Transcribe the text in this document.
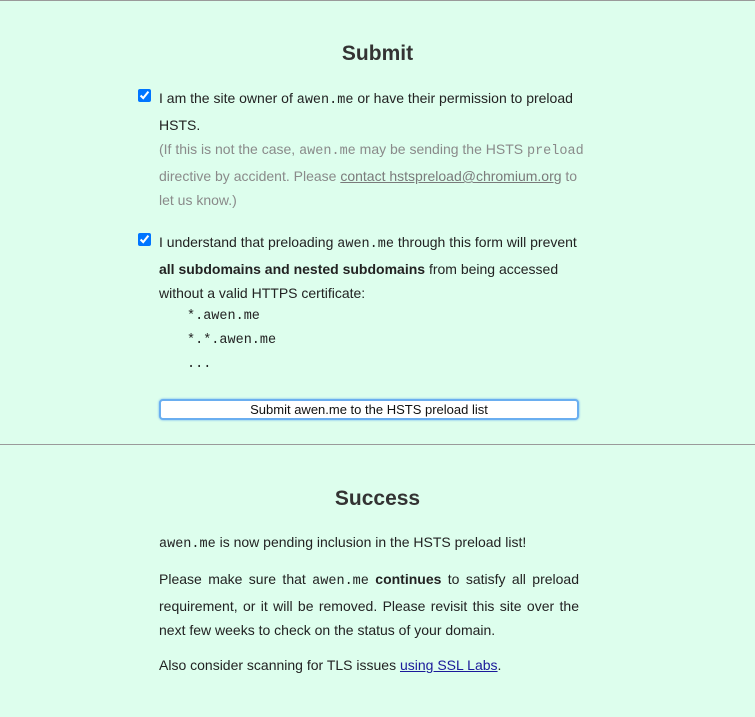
Submit
I am the site owner of awen.me or have their permission to preload HSTS.
(If this is not the case, awen.me may be sending the HSTS preload directive by accident. Please contact hstspreload@chromium.org to let us know.)
I understand that preloading awen.me through this form will prevent all subdomains and nested subdomains from being accessed without a valid HTTPS certificate:
*.awen.me
*.*.awen.me
...
Submit awen.me to the HSTS preload list
Success

awen.me is now pending inclusion in the HSTS preload list!

Please make sure that awen.me continues to satisfy all preload requirement, or it will be removed. Please revisit this site over the next few weeks to check on the status of your domain.

Also consider scanning for TLS issues using SSL Labs.
